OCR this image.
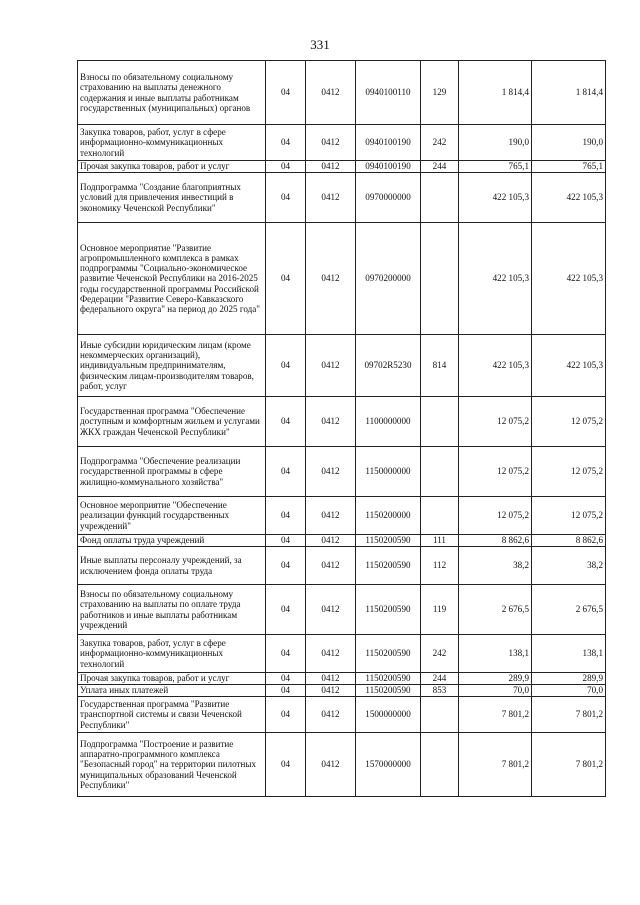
331
Взносы по обязательному социальному страхованию на выплаты денежного содержания и иные выплаты работникам государственных (муниципальных) органов	04	0412	0940100110	129	1 814,4	1 814,4
Закупка товаров, работ, услуг в сфере информационно-коммуникационных технологий	04	0412	0940100190	242	190,0	190,0
Прочая закупка товаров, работ и услуг	04	0412	0940100190	244	765,1	765,1
Подпрограмма "Создание благоприятных условий для привлечения инвестиций в экономику Чеченской Республики"	04	0412	0970000000		422 105,3	422 105,3
Основное мероприятие "Развитие агропромышленного комплекса в рамках подпрограммы "Социально-экономическое развитие Чеченской Республики на 2016-2025 годы государственной программы Российской Федерации "Развитие Северо-Кавказского федерального округа" на период до 2025 года"	04	0412	0970200000		422 105,3	422 105,3
Иные субсидии юридическим лицам (кроме некоммерческих организаций), индивидуальным предпринимателям, физическим лицам-производителям товаров, работ, услуг	04	0412	09702R5230	814	422 105,3	422 105,3
Государственная программа "Обеспечение доступным и комфортным жильем и услугами ЖКХ граждан Чеченской Республики"	04	0412	1100000000		12 075,2	12 075,2
Подпрограмма "Обеспечение реализации государственной программы в сфере жилищно-коммунального хозяйства"	04	0412	1150000000		12 075,2	12 075,2
Основное мероприятие "Обеспечение реализации функций государственных учреждений"	04	0412	1150200000		12 075,2	12 075,2
Фонд оплаты труда учреждений	04	0412	1150200590	111	8 862,6	8 862,6
Иные выплаты персоналу учреждений, за исключением фонда оплаты труда	04	0412	1150200590	112	38,2	38,2
Взносы по обязательному социальному страхованию на выплаты по оплате труда работников и иные выплаты работникам учреждений	04	0412	1150200590	119	2 676,5	2 676,5
Закупка товаров, работ, услуг в сфере информационно-коммуникационных технологий	04	0412	1150200590	242	138,1	138,1
Прочая закупка товаров, работ и услуг	04	0412	1150200590	244	289,9	289,9
Уплата иных платежей	04	0412	1150200590	853	70,0	70,0
Государственная программа "Развитие транспортной системы и связи Чеченской Республики"	04	0412	1500000000		7 801,2	7 801,2
Подпрограмма "Построение и развитие аппаратно-программного комплекса "Безопасный город" на территории пилотных муниципальных образований Чеченской Республики"	04	0412	1570000000		7 801,2	7 801,2
